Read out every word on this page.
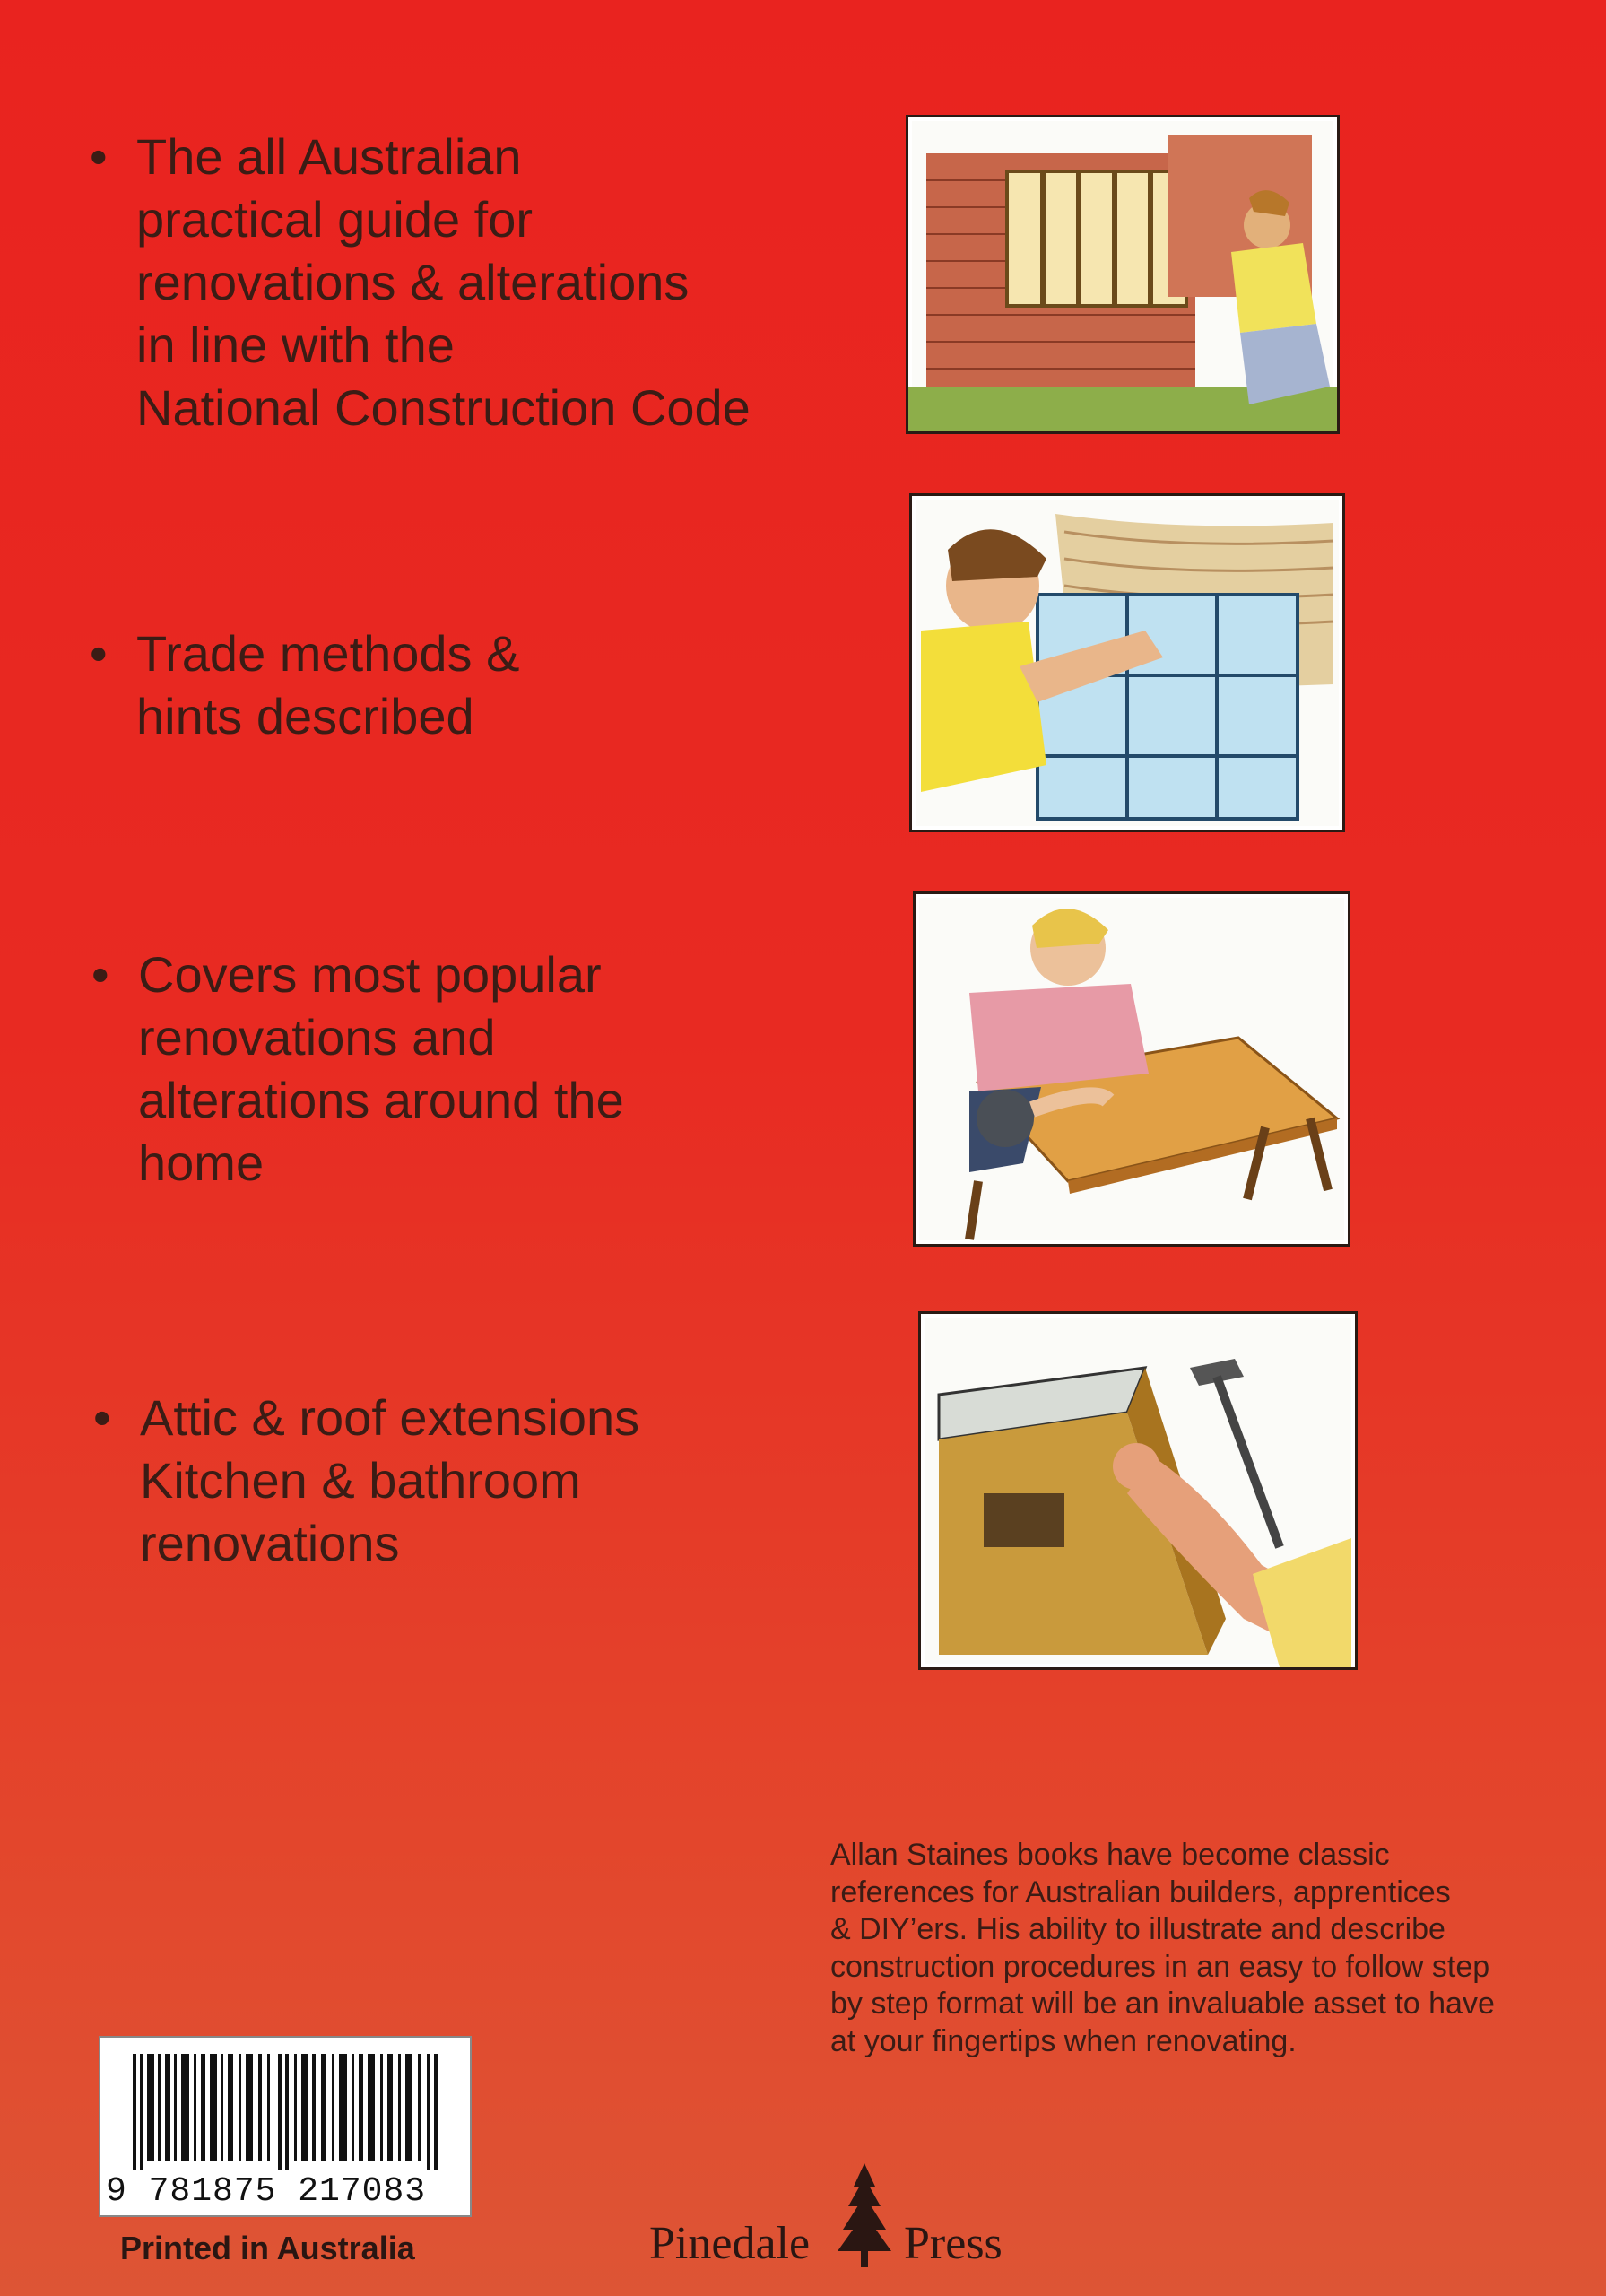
• The all Australian
practical guide for
renovations & alterations
in line with the
National Construction Code
• Trade methods &
hints described
• Covers most popular
renovations and
alterations around the
home
• Attic & roof extensions
Kitchen & bathroom
renovations
Allan Staines books have become classic
references for Australian builders, apprentices
& DIY’ers. His ability to illustrate and describe
construction procedures in an easy to follow step
by step format will be an invaluable asset to have
at your fingertips when renovating.
9 781875 217083
Printed in Australia	Pinedale Press
